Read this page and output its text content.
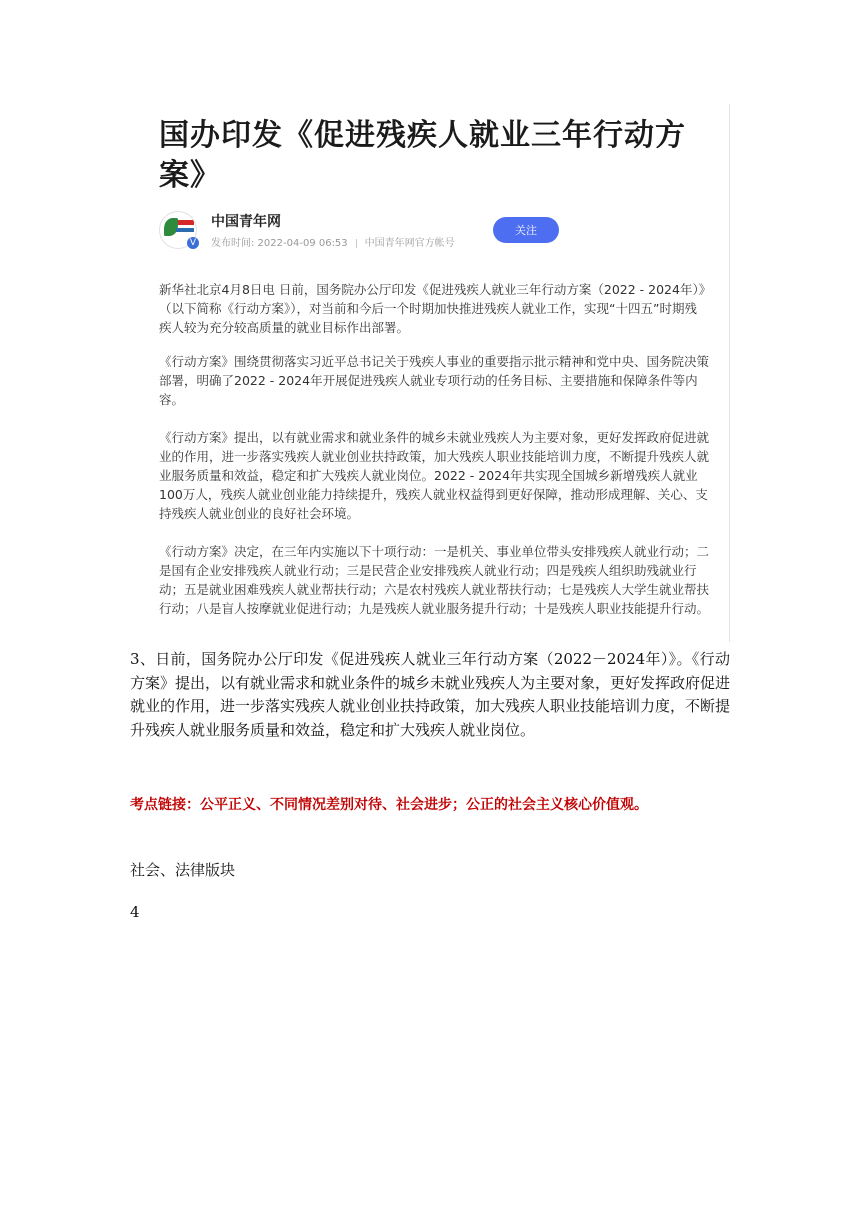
国办印发《促进残疾人就业三年行动方案》
V
中国青年网
发布时间: 2022-04-09 06:53 中国青年网官方帐号
关注

新华社北京4月8日电 日前，国务院办公厅印发《促进残疾人就业三年行动方案（2022 - 2024年）》（以下简称《行动方案》），对当前和今后一个时期加快推进残疾人就业工作，实现“十四五”时期残疾人较为充分较高质量的就业目标作出部署。

《行动方案》围绕贯彻落实习近平总书记关于残疾人事业的重要指示批示精神和党中央、国务院决策部署，明确了2022 - 2024年开展促进残疾人就业专项行动的任务目标、主要措施和保障条件等内容。

《行动方案》提出，以有就业需求和就业条件的城乡未就业残疾人为主要对象，更好发挥政府促进就业的作用，进一步落实残疾人就业创业扶持政策，加大残疾人职业技能培训力度，不断提升残疾人就业服务质量和效益，稳定和扩大残疾人就业岗位。2022 - 2024年共实现全国城乡新增残疾人就业100万人，残疾人就业创业能力持续提升，残疾人就业权益得到更好保障，推动形成理解、关心、支持残疾人就业创业的良好社会环境。

《行动方案》决定，在三年内实施以下十项行动：一是机关、事业单位带头安排残疾人就业行动；二是国有企业安排残疾人就业行动；三是民营企业安排残疾人就业行动；四是残疾人组织助残就业行动；五是就业困难残疾人就业帮扶行动；六是农村残疾人就业帮扶行动；七是残疾人大学生就业帮扶行动；八是盲人按摩就业促进行动；九是残疾人就业服务提升行动；十是残疾人职业技能提升行动。

3、日前，国务院办公厅印发《促进残疾人就业三年行动方案（2022－2024年）》。《行动方案》提出，以有就业需求和就业条件的城乡未就业残疾人为主要对象，更好发挥政府促进就业的作用，进一步落实残疾人就业创业扶持政策，加大残疾人职业技能培训力度，不断提升残疾人就业服务质量和效益，稳定和扩大残疾人就业岗位。

考点链接：公平正义、不同情况差别对待、社会进步；公正的社会主义核心价值观。

社会、法律版块

4
